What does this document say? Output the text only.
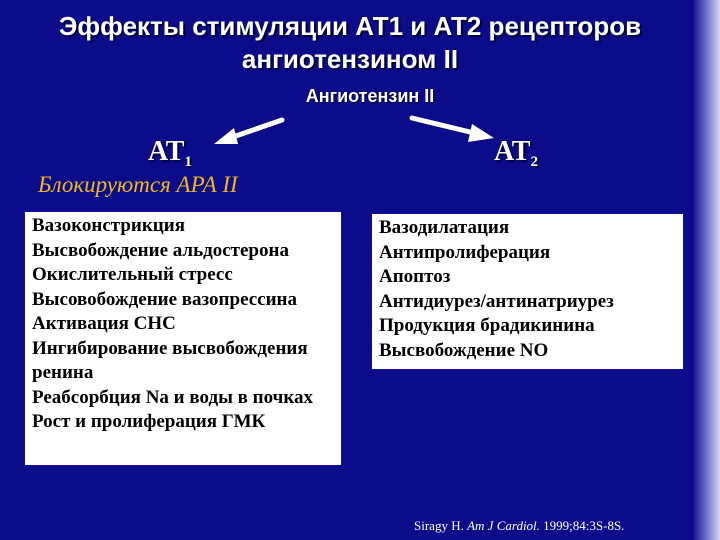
Эффекты стимуляции АТ1 и АТ2 рецепторов ангиотензином II
Ангиотензин II
$АТ_1$	$АТ_2$
Блокируются АРА II
Вазоконстрикция
Высвобождение альдостерона
Окислительный стресс
Высовобождение вазопрессина
Активация СНС
Ингибирование высвобождения ренина
Реабсорбция Na и воды в почках
Рост и пролиферация ГМК
Вазодилатация
Антипролиферация
Апоптоз
Антидиурез/антинатриурез
Продукция брадикинина
Высвобождение NO
Siragy H. Am J Cardiol. 1999;84:3S-8S.
